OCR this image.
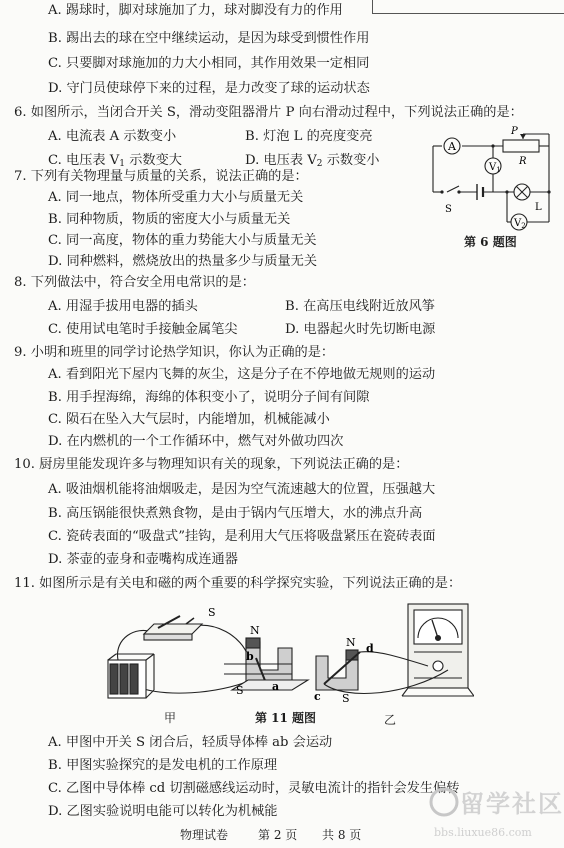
A. 踢球时，脚对球施加了力，球对脚没有力的作用
B. 踢出去的球在空中继续运动，是因为球受到惯性作用
C. 只要脚对球施加的力大小相同，其作用效果一定相同
D. 守门员使球停下来的过程，是力改变了球的运动状态
6. 如图所示，当闭合开关 S，滑动变阻器滑片 P 向右滑动过程中，下列说法正确的是：
A. 电流表 A 示数变小	B. 灯泡 L 的亮度变亮
C. 电压表 $V_1$ 示数变大	D. 电压表 $V_2$ 示数变小
A
P
R
$V_1$
S	L
$V_2$
第 6 题图
7. 下列有关物理量与质量的关系，说法正确的是：
A. 同一地点，物体所受重力大小与质量无关
B. 同种物质，物质的密度大小与质量无关
C. 同一高度，物体的重力势能大小与质量无关
D. 同种燃料，燃烧放出的热量多少与质量无关
8. 下列做法中，符合安全用电常识的是：
A. 用湿手拔用电器的插头	B. 在高压电线附近放风筝
C. 使用试电笔时手接触金属笔尖	D. 电器起火时先切断电源
9. 小明和班里的同学讨论热学知识，你认为正确的是：
A. 看到阳光下屋内飞舞的灰尘，这是分子在不停地做无规则的运动
B. 用手捏海绵，海绵的体积变小了，说明分子间有间隙
C. 陨石在坠入大气层时，内能增加，机械能减小
D. 在内燃机的一个工作循环中，燃气对外做功四次
10. 厨房里能发现许多与物理知识有关的现象，下列说法正确的是：
A. 吸油烟机能将油烟吸走，是因为空气流速越大的位置，压强越大
B. 高压锅能很快煮熟食物，是由于锅内气压增大，水的沸点升高
C. 瓷砖表面的“吸盘式”挂钩，是利用大气压将吸盘紧压在瓷砖表面
D. 茶壶的壶身和壶嘴构成连通器
11. 如图所示是有关电和磁的两个重要的科学探究实验，下列说法正确的是：
S
N
S
b
a
N d
c S
甲	第 11 题图	乙
A. 甲图中开关 S 闭合后，轻质导体棒 ab 会运动
B. 甲图实验探究的是发电机的工作原理
C. 乙图中导体棒 cd 切割磁感线运动时，灵敏电流计的指针会发生偏转
D. 乙图实验说明电能可以转化为机械能
物理试卷 第 2 页 共 8 页
留学社区
bbs.liuxue86.com
